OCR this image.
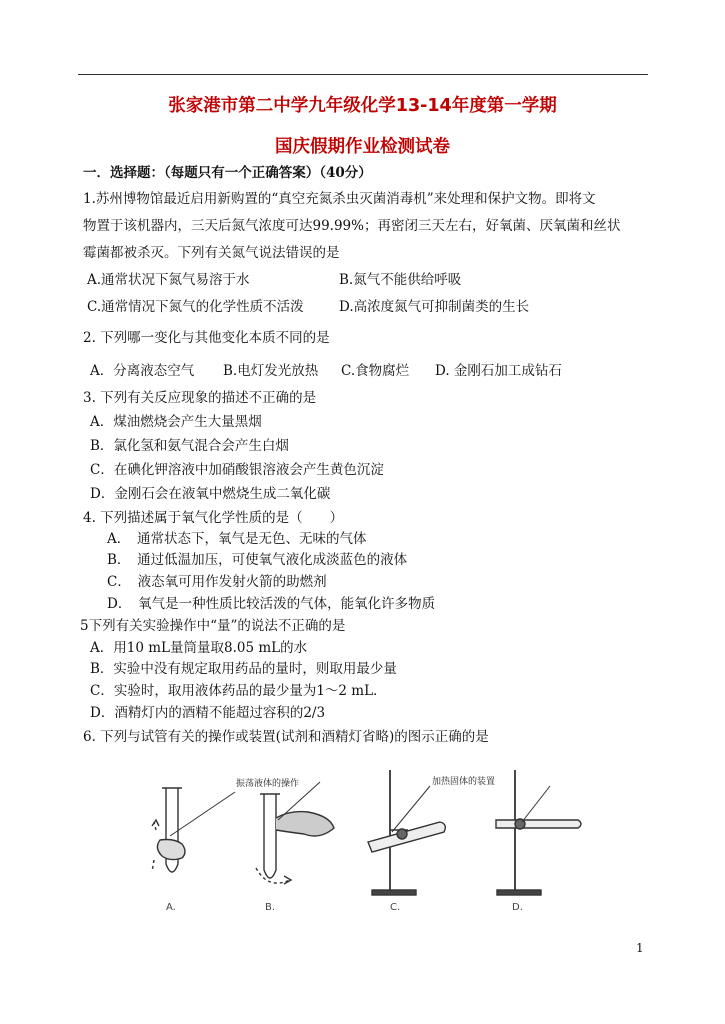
张家港市第二中学九年级化学13-14年度第一学期
国庆假期作业检测试卷
一．选择题：（每题只有一个正确答案）（40分）
1.苏州博物馆最近启用新购置的“真空充氮杀虫灭菌消毒机”来处理和保护文物。即将文
物置于该机器内，三天后氮气浓度可达99.99%；再密闭三天左右，好氧菌、厌氧菌和丝状
霉菌都被杀灭。下列有关氮气说法错误的是
A.通常状况下氮气易溶于水	B.氮气不能供给呼吸
C.通常情况下氮气的化学性质不活泼	D.高浓度氮气可抑制菌类的生长
2. 下列哪一变化与其他变化本质不同的是
A．分离液态空气 B.电灯发光放热 C.食物腐烂 D. 金刚石加工成钻石
3. 下列有关反应现象的描述不正确的是
A．煤油燃烧会产生大量黑烟
B．氯化氢和氨气混合会产生白烟
C．在碘化钾溶液中加硝酸银溶液会产生黄色沉淀
D．金刚石会在液氧中燃烧生成二氧化碳
4. 下列描述属于氧气化学性质的是（　　）
A．　通常状态下，氧气是无色、无味的气体
B．　通过低温加压，可使氧气液化成淡蓝色的液体
C．　液态氧可用作发射火箭的助燃剂
D．　氧气是一种性质比较活泼的气体，能氧化许多物质
5下列有关实验操作中“量”的说法不正确的是
A．用10 mL量筒量取8.05 mL的水
B．实验中没有规定取用药品的量时，则取用最少量
C．实验时，取用液体药品的最少量为1～2 mL．
D．酒精灯内的酒精不能超过容积的2/3
6. 下列与试管有关的操作或装置(试剂和酒精灯省略)的图示正确的是
振荡液体的操作	加热固体的装置
A.	B.	C.	D.
1
